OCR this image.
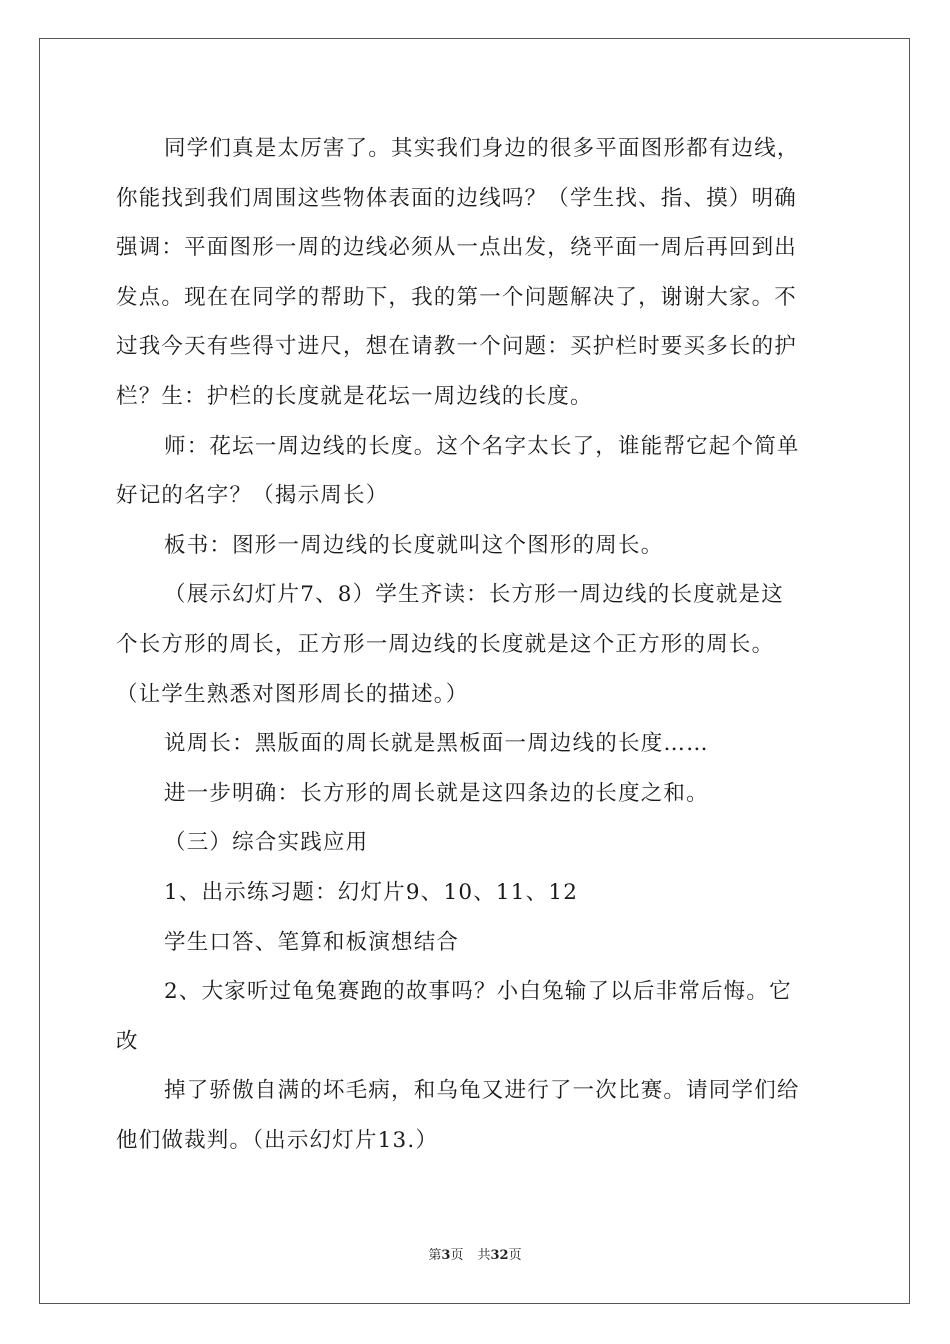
同学们真是太厉害了。其实我们身边的很多平面图形都有边线，
你能找到我们周围这些物体表面的边线吗？（学生找、指、摸）明确
强调：平面图形一周的边线必须从一点出发，绕平面一周后再回到出
发点。现在在同学的帮助下，我的第一个问题解决了，谢谢大家。不
过我今天有些得寸进尺，想在请教一个问题：买护栏时要买多长的护
栏？生：护栏的长度就是花坛一周边线的长度。
师：花坛一周边线的长度。这个名字太长了，谁能帮它起个简单
好记的名字？（揭示周长）
板书：图形一周边线的长度就叫这个图形的周长。
（展示幻灯片7、8）学生齐读：长方形一周边线的长度就是这
个长方形的周长，正方形一周边线的长度就是这个正方形的周长。
（让学生熟悉对图形周长的描述。）
说周长：黑版面的周长就是黑板面一周边线的长度……
进一步明确：长方形的周长就是这四条边的长度之和。
（三）综合实践应用
1、出示练习题：幻灯片9、10、11、12
学生口答、笔算和板演想结合
2、大家听过龟兔赛跑的故事吗？小白兔输了以后非常后悔。它
改
掉了骄傲自满的坏毛病，和乌龟又进行了一次比赛。请同学们给
他们做裁判。（出示幻灯片13.）
第3页 共32页
